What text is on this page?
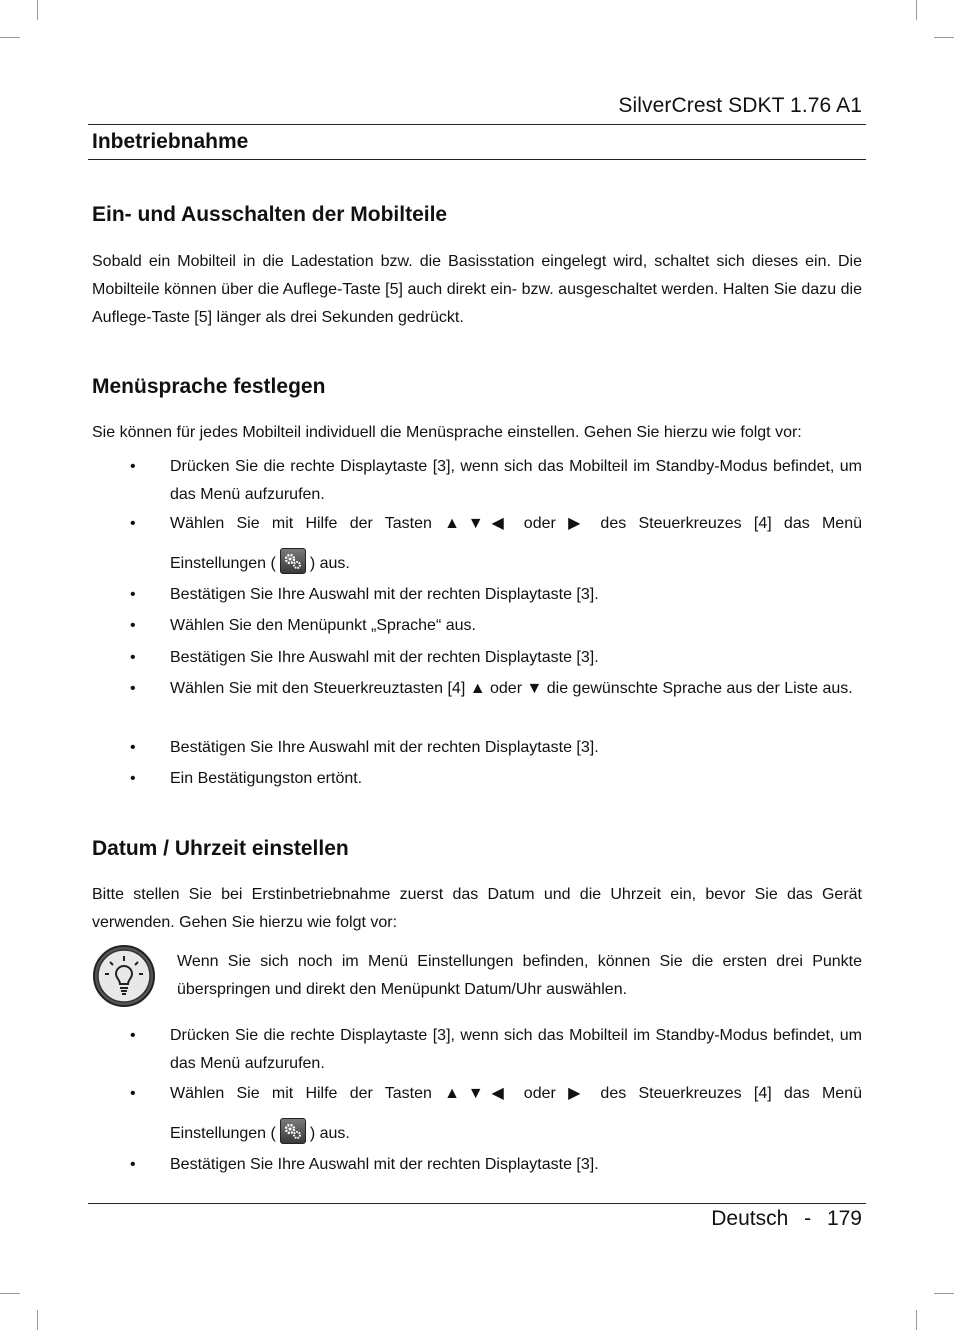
SilverCrest SDKT 1.76 A1
Inbetriebnahme
Ein- und Ausschalten der Mobilteile

Sobald ein Mobilteil in die Ladestation bzw. die Basisstation eingelegt wird, schaltet sich dieses ein. Die Mobilteile können über die Auflege-Taste [5] auch direkt ein- bzw. ausgeschaltet werden. Halten Sie dazu die Auflege-Taste [5] länger als drei Sekunden gedrückt.

Menüsprache festlegen

Sie können für jedes Mobilteil individuell die Menüsprache einstellen. Gehen Sie hierzu wie folgt vor:

• Drücken Sie die rechte Displaytaste [3], wenn sich das Mobilteil im Standby-Modus befindet, um das Menü aufzurufen.
• Wählen Sie mit Hilfe der Tasten ▲▼◀ oder ▶ des Steuerkreuzes [4] das Menü
Einstellungen ( ) aus.
• Bestätigen Sie Ihre Auswahl mit der rechten Displaytaste [3].
• Wählen Sie den Menüpunkt „Sprache“ aus.
• Bestätigen Sie Ihre Auswahl mit der rechten Displaytaste [3].
• Wählen Sie mit den Steuerkreuztasten [4] ▲ oder ▼ die gewünschte Sprache aus der Liste aus.
• Bestätigen Sie Ihre Auswahl mit der rechten Displaytaste [3].
• Ein Bestätigungston ertönt.
Datum / Uhrzeit einstellen

Bitte stellen Sie bei Erstinbetriebnahme zuerst das Datum und die Uhrzeit ein, bevor Sie das Gerät verwenden. Gehen Sie hierzu wie folgt vor:

Wenn Sie sich noch im Menü Einstellungen befinden, können Sie die ersten drei Punkte überspringen und direkt den Menüpunkt Datum/Uhr auswählen.
• Drücken Sie die rechte Displaytaste [3], wenn sich das Mobilteil im Standby-Modus befindet, um das Menü aufzurufen.
• Wählen Sie mit Hilfe der Tasten ▲▼◀ oder ▶ des Steuerkreuzes [4] das Menü
Einstellungen ( ) aus.
• Bestätigen Sie Ihre Auswahl mit der rechten Displaytaste [3].
Deutsch - 179
